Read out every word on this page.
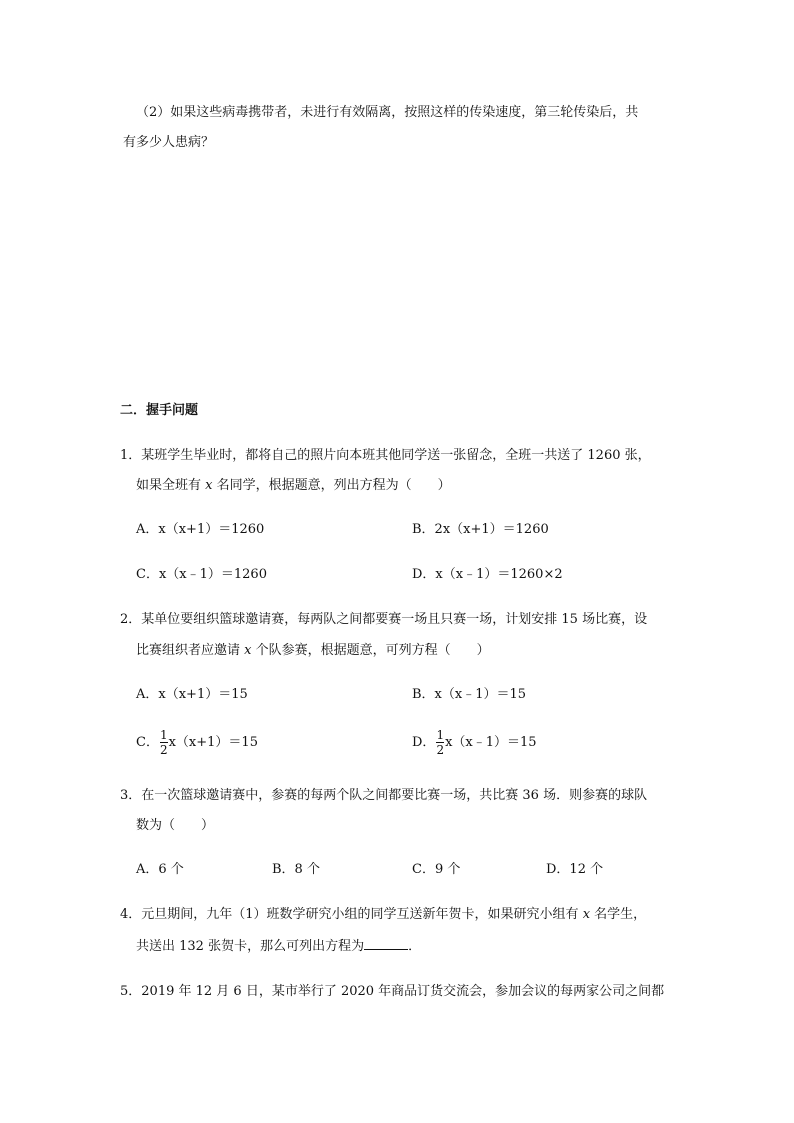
（2）如果这些病毒携带者，未进行有效隔离，按照这样的传染速度，第三轮传染后，共
有多少人患病？
二．握手问题
1．某班学生毕业时，都将自己的照片向本班其他同学送一张留念，全班一共送了 1260 张，
如果全班有 x 名同学，根据题意，列出方程为（　　）
A．x（x+1）＝1260	B．2x（x+1）＝1260
C．x（x﹣1）＝1260	D．x（x﹣1）＝1260×2
2．某单位要组织篮球邀请赛，每两队之间都要赛一场且只赛一场，计划安排 15 场比赛，设
比赛组织者应邀请 x 个队参赛，根据题意，可列方程（　　）
A．x（x+1）＝15	B．x（x﹣1）＝15
C． $\frac{1}{2} x(x+1)=15$	D． $\frac{1}{2}$ x（x﹣1）＝15
3．在一次篮球邀请赛中，参赛的每两个队之间都要比赛一场，共比赛 36 场．则参赛的球队
数为（　　）
A．6 个	B．8 个	C．9 个	D．12 个
4．元旦期间，九年（1）班数学研究小组的同学互送新年贺卡，如果研究小组有 x 名学生，
共送出 132 张贺卡，那么可列出方程为	．
5．2019 年 12 月 6 日，某市举行了 2020 年商品订货交流会，参加会议的每两家公司之间都
